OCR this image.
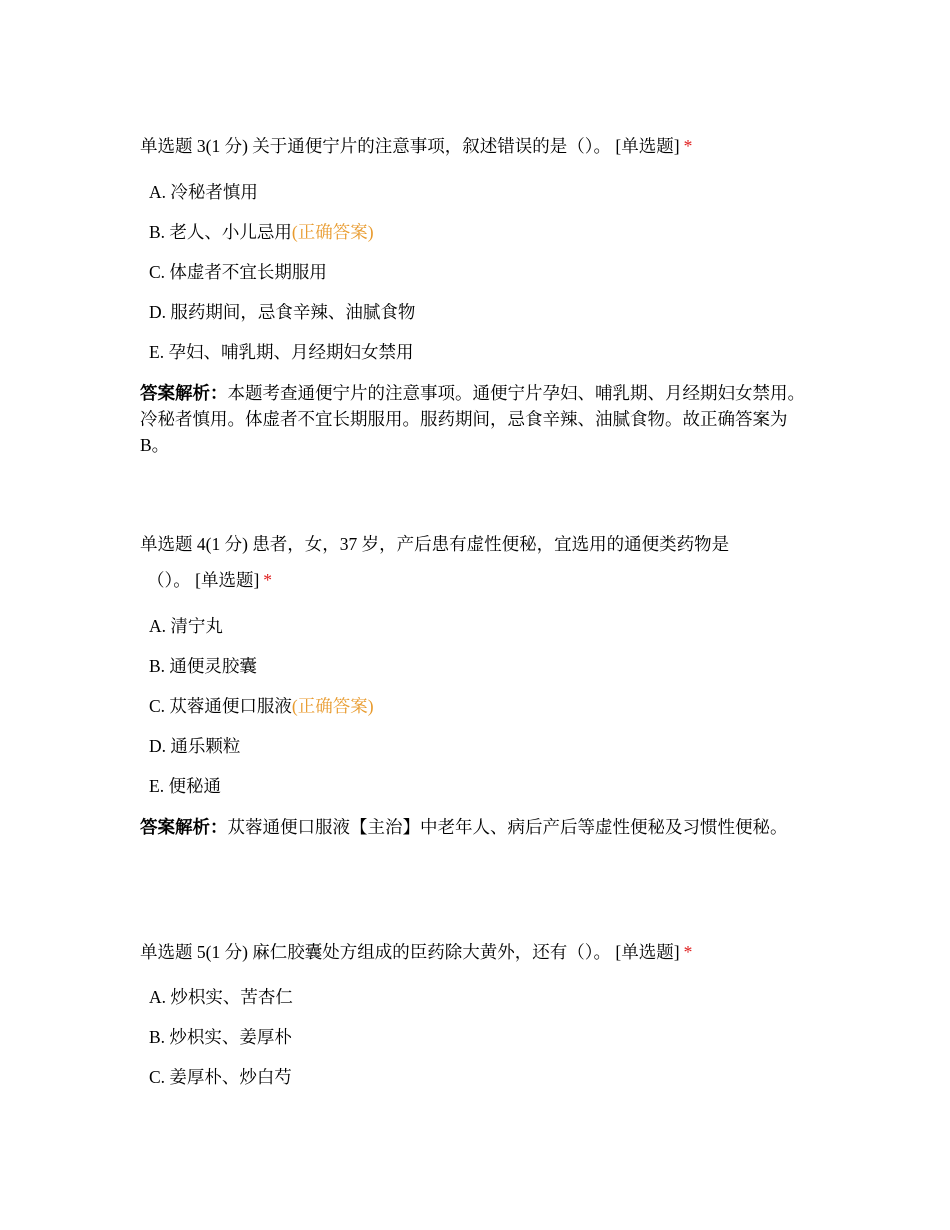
单选题 3(1 分) 关于通便宁片的注意事项，叙述错误的是（）。 [单选题] *
A. 冷秘者慎用
B. 老人、小儿忌用(正确答案)
C. 体虚者不宜长期服用
D. 服药期间，忌食辛辣、油腻食物
E. 孕妇、哺乳期、月经期妇女禁用
答案解析：本题考查通便宁片的注意事项。通便宁片孕妇、哺乳期、月经期妇女禁用。冷秘者慎用。体虚者不宜长期服用。服药期间，忌食辛辣、油腻食物。故正确答案为 B。
单选题 4(1 分) 患者，女，37 岁，产后患有虚性便秘，宜选用的通便类药物是
（）。 [单选题] *
A. 清宁丸
B. 通便灵胶囊
C. 苁蓉通便口服液(正确答案)
D. 通乐颗粒
E. 便秘通
答案解析：苁蓉通便口服液【主治】中老年人、病后产后等虚性便秘及习惯性便秘。
单选题 5(1 分) 麻仁胶囊处方组成的臣药除大黄外，还有（）。 [单选题] *
A. 炒枳实、苦杏仁
B. 炒枳实、姜厚朴
C. 姜厚朴、炒白芍
